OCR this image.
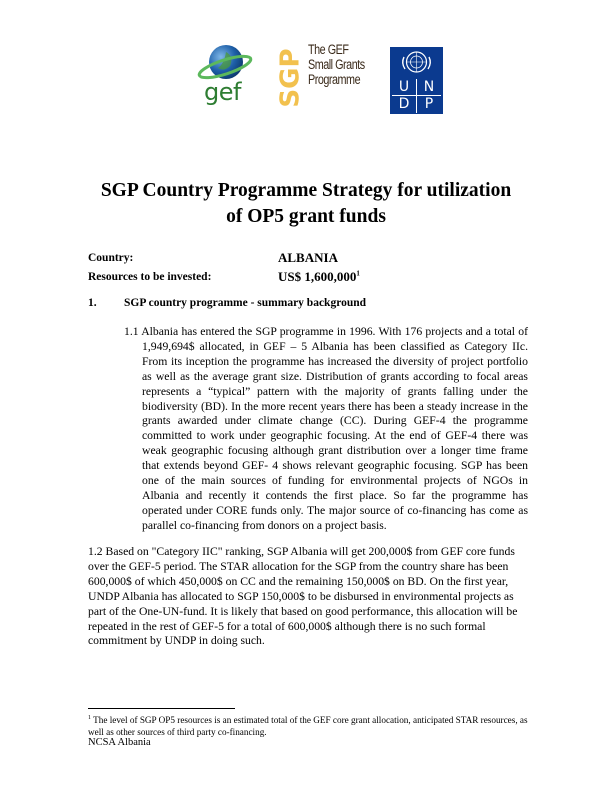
gef SGP The GEF
Small Grants
Programme	U	N
D	P
SGP Country Programme Strategy for utilization
of OP5 grant funds
Country:	ALBANIA
Resources to be invested:	US$ 1,600,000$^1$
1. SGP country programme - summary background
1.1 Albania has entered the SGP programme in 1996. With 176 projects and a total of 1,949,694$ allocated, in GEF – 5 Albania has been classified as Category IIc. From its inception the programme has increased the diversity of project portfolio as well as the average grant size. Distribution of grants according to focal areas represents a “typical” pattern with the majority of grants falling under the biodiversity (BD). In the more recent years there has been a steady increase in the grants awarded under climate change (CC). During GEF-4 the programme committed to work under geographic focusing. At the end of GEF-4 there was weak geographic focusing although grant distribution over a longer time frame that extends beyond GEF- 4 shows relevant geographic focusing. SGP has been one of the main sources of funding for environmental projects of NGOs in Albania and recently it contends the first place. So far the programme has operated under CORE funds only. The major source of co-financing has come as parallel co-financing from donors on a project basis.
1.2 Based on "Category IIC" ranking, SGP Albania will get 200,000$ from GEF core funds over the GEF-5 period. The STAR allocation for the SGP from the country share has been 600,000$ of which 450,000$ on CC and the remaining 150,000$ on BD. On the first year, UNDP Albania has allocated to SGP 150,000$ to be disbursed in environmental projects as part of the One-UN-fund. It is likely that based on good performance, this allocation will be repeated in the rest of GEF-5 for a total of 600,000$ although there is no such formal commitment by UNDP in doing such.
$^1$ The level of SGP OP5 resources is an estimated total of the GEF core grant allocation, anticipated STAR resources, as well as other sources of third party co-financing.
NCSA Albania
